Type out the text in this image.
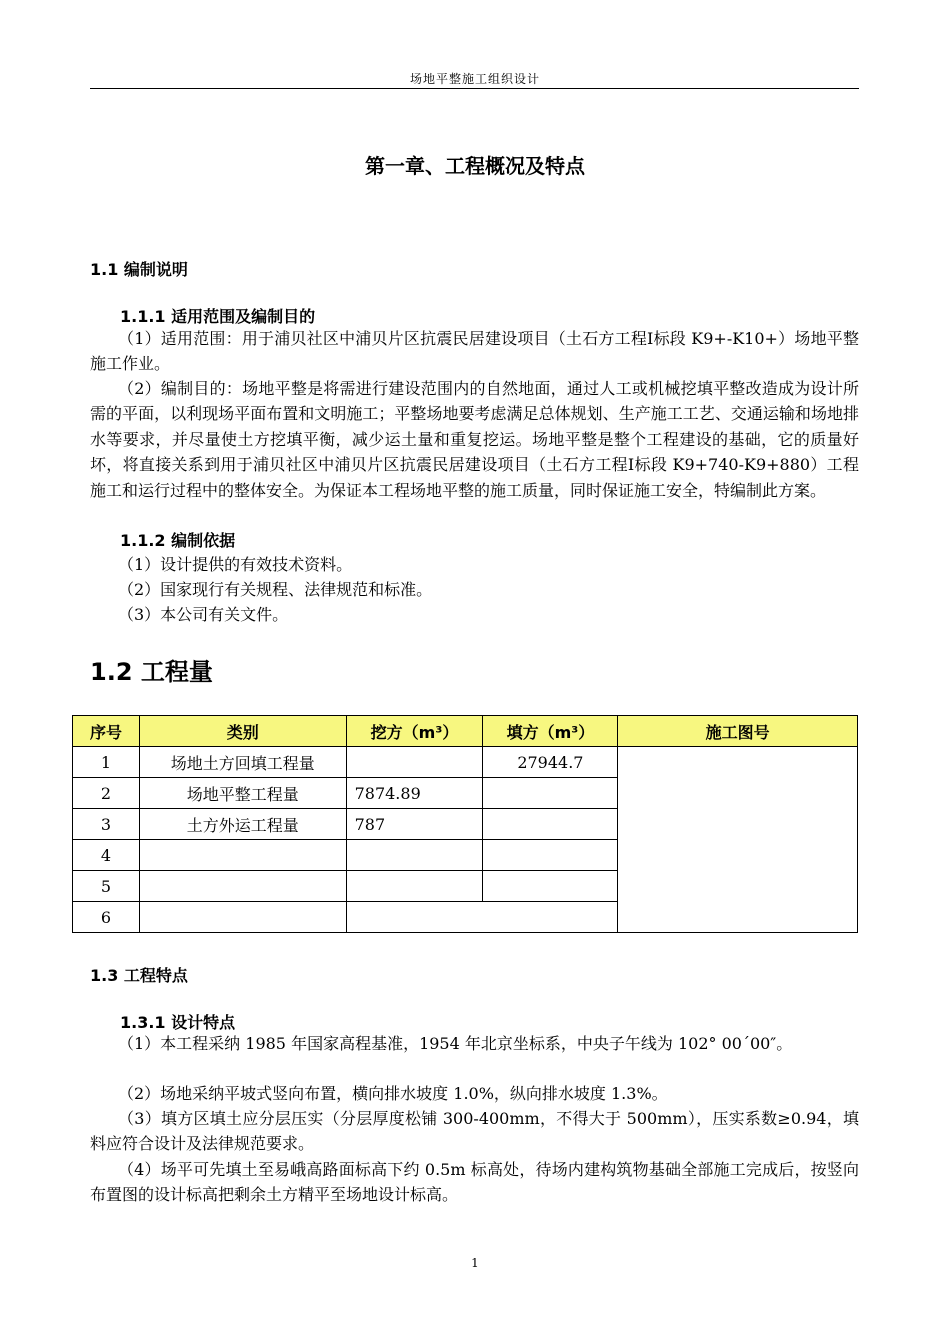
场地平整施工组织设计
第一章、工程概况及特点
1.1 编制说明
1.1.1 适用范围及编制目的
（1）适用范围：用于浦贝社区中浦贝片区抗震民居建设项目（土石方工程Ⅰ标段 K9+-K10+）场地平整施工作业。
（2）编制目的：场地平整是将需进行建设范围内的自然地面，通过人工或机械挖填平整改造成为设计所需的平面，以利现场平面布置和文明施工；平整场地要考虑满足总体规划、生产施工工艺、交通运输和场地排水等要求，并尽量使土方挖填平衡，减少运土量和重复挖运。场地平整是整个工程建设的基础，它的质量好坏，将直接关系到用于浦贝社区中浦贝片区抗震民居建设项目（土石方工程Ⅰ标段 K9+740-K9+880）工程施工和运行过程中的整体安全。为保证本工程场地平整的施工质量，同时保证施工安全，特编制此方案。
1.1.2 编制依据
（1）设计提供的有效技术资料。
（2）国家现行有关规程、法律规范和标准。
（3）本公司有关文件。
1.2 工程量
序号	类别	挖方（m³）	填方（m³）	施工图号
1	场地土方回填工程量		27944.7	
2	场地平整工程量	7874.89		
3	土方外运工程量	787		
4				
5				
6				
1.3 工程特点
1.3.1 设计特点
（1）本工程采纳 1985 年国家高程基准，1954 年北京坐标系，中央子午线为 102° 00´00″。
（2）场地采纳平坡式竖向布置，横向排水坡度 1.0%，纵向排水坡度 1.3%。
（3）填方区填土应分层压实（分层厚度松铺 300-400mm，不得大于 500mm），压实系数≥0.94，填料应符合设计及法律规范要求。
（4）场平可先填土至易峨高路面标高下约 0.5m 标高处，待场内建构筑物基础全部施工完成后，按竖向布置图的设计标高把剩余土方精平至场地设计标高。
1
